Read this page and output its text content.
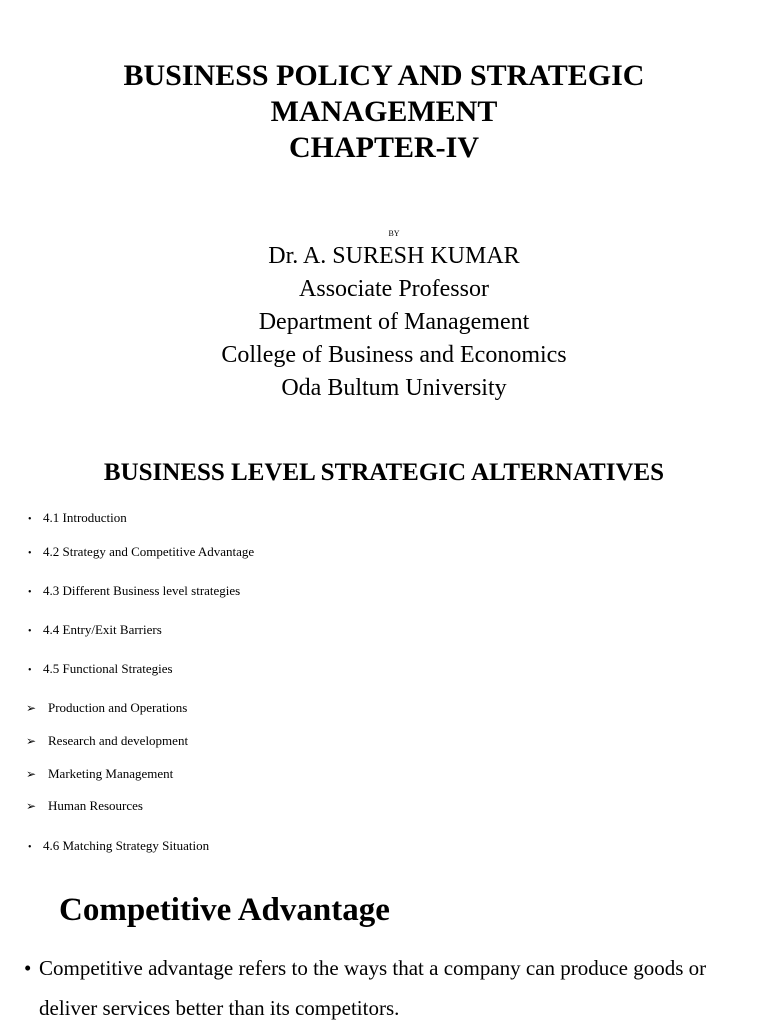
BUSINESS POLICY AND STRATEGIC
MANAGEMENT
CHAPTER-IV
BY
Dr. A. SURESH KUMAR
Associate Professor
Department of Management
College of Business and Economics
Oda Bultum University
BUSINESS LEVEL STRATEGIC ALTERNATIVES
• 4.1 Introduction
• 4.2 Strategy and Competitive Advantage
• 4.3 Different Business level strategies
• 4.4 Entry/Exit Barriers
• 4.5 Functional Strategies
➢ Production and Operations
➢ Research and development
➢ Marketing Management
➢ Human Resources
• 4.6 Matching Strategy Situation
Competitive Advantage
• Competitive advantage refers to the ways that a company can produce goods or deliver services better than its competitors.
